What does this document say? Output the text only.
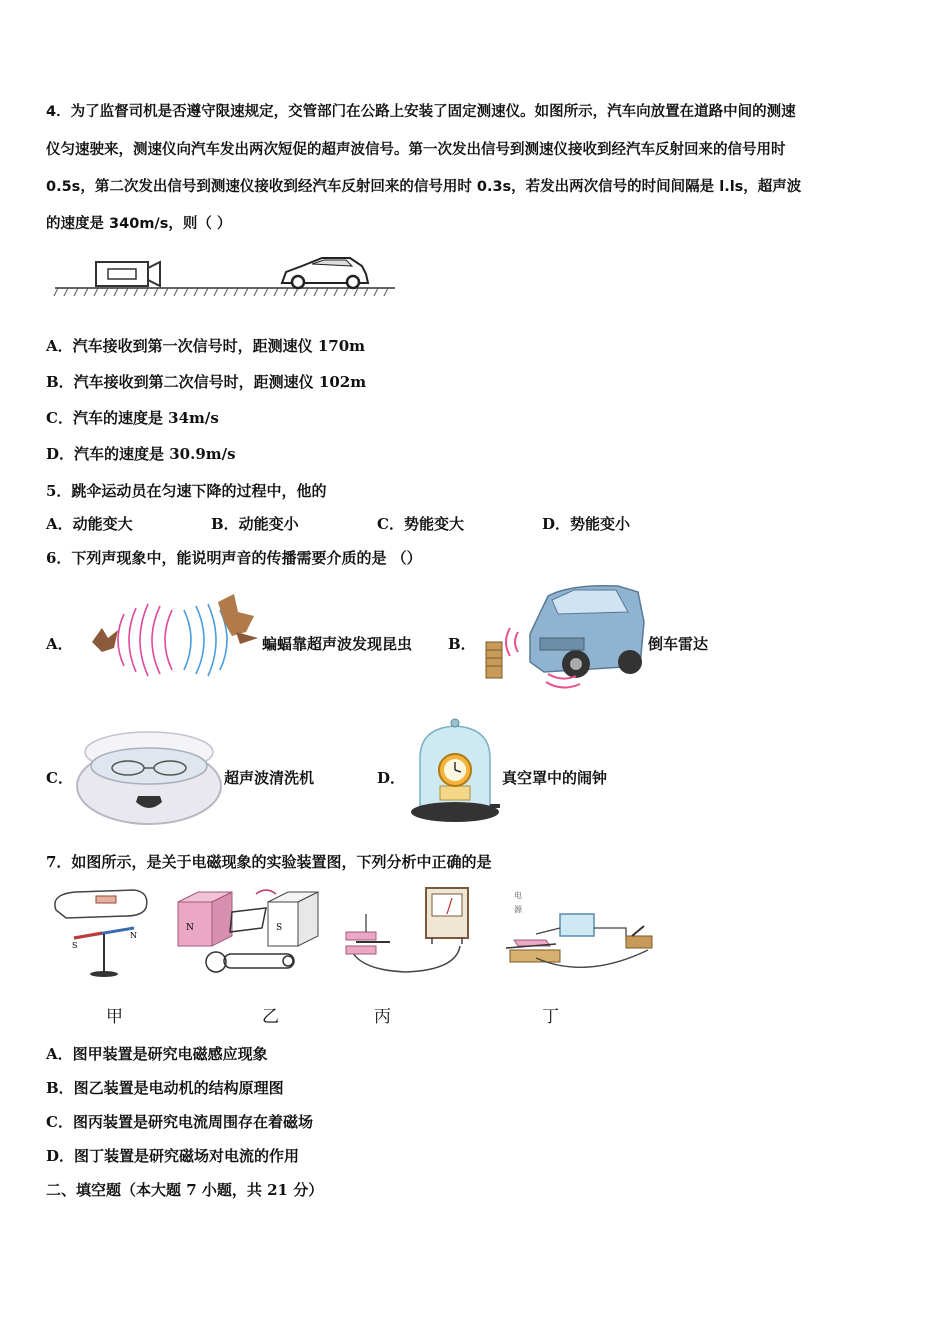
4．为了监督司机是否遵守限速规定，交管部门在公路上安装了固定测速仪。如图所示，汽车向放置在道路中间的测速
仪匀速驶来，测速仪向汽车发出两次短促的超声波信号。第一次发出信号到测速仪接收到经汽车反射回来的信号用时
0.5s，第二次发出信号到测速仪接收到经汽车反射回来的信号用时 0.3s，若发出两次信号的时间间隔是 l.ls，超声波
的速度是 340m/s，则（ ）
A．汽车接收到第一次信号时，距测速仪 170m
B．汽车接收到第二次信号时，距测速仪 102m
C．汽车的速度是 34m/s
D．汽车的速度是 30.9m/s
5．跳伞运动员在匀速下降的过程中，他的
A．动能变大	B．动能变小	C．势能变大	D．势能变小
6．下列声现象中，能说明声音的传播需要介质的是 （）
A．	蝙蝠靠超声波发现昆虫 B．	倒车雷达
C．	超声波清洗机	D．	真空罩中的闹钟
7．如图所示，是关于电磁现象的实验装置图，下列分析中正确的是
S
N
N	S
电
源
甲	乙	丙	丁
A．图甲装置是研究电磁感应现象
B．图乙装置是电动机的结构原理图
C．图丙装置是研究电流周围存在着磁场
D．图丁装置是研究磁场对电流的作用
二、填空题（本大题 7 小题，共 21 分）
